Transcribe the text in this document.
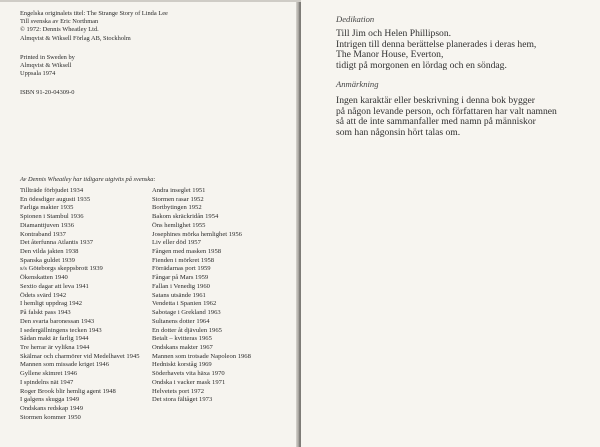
Engelska originalets titel: The Strange Story of Linda Lee
Till svenska av Eric Northman
© 1972: Dennis Wheatley Ltd.
Almqvist & Wiksell Förlag AB, Stockholm
Printed in Sweden by
Almqvist & Wiksell
Uppsala 1974
ISBN 91-20-04309-0
Av Dennis Wheatley har tidigare utgivits på svenska:
Tillträde förbjudet 1934
En ödesdiger augusti 1935
Farliga makter 1935
Spionen i Stambul 1936
Diamanttjuven 1936
Kontraband 1937
Det återfunna Atlantis 1937
Den vilda jakten 1938
Spanska guldet 1939
s/s Göteborgs skeppsbrott 1939
Ökenskatten 1940
Sextio dagar att leva 1941
Ödets svärd 1942
I hemligt uppdrag 1942
På falskt pass 1943
Den svarta baronessan 1943
I sedergällningens tecken 1943
Sådan makt är farlig 1944
Tre herrar är vylikna 1944
Skälmar och charmörer vid Medelhavet 1945
Mannen som missade kriget 1946
Gyllene skimret 1946
I spindelns nät 1947
Roger Brook blir hemlig agent 1948
I galgens skugga 1949
Ondskans redskap 1949
Stormen kommer 1950
Andra inseglet 1951
Stormen rasar 1952
Bortbytingen 1952
Bakom skräckridån 1954
Öns hemlighet 1955
Josephines mörka hemlighet 1956
Liv eller död 1957
Fången med masken 1958
Fienden i mörkret 1958
Förrädarnas port 1959
Fångar på Mars 1959
Fallan i Venedig 1960
Satans utsände 1961
Vendetta i Spanien 1962
Sabotage i Grekland 1963
Sultanens dotter 1964
En dotter åt djävulen 1965
Betalt – kvitteras 1965
Ondskans makter 1967
Mannen som trotsade Napoleon 1968
Hedniskt korståg 1969
Söderhavets vita häxa 1970
Ondska i vacker mask 1971
Helvetets port 1972
Det stora fältåget 1973
Dedikation
Till Jim och Helen Phillipson.
Intrigen till denna berättelse planerades i deras hem,
The Manor House, Everton,
tidigt på morgonen en lördag och en söndag.
Anmärkning
Ingen karaktär eller beskrivning i denna bok bygger
på någon levande person, och författaren har valt namnen
så att de inte sammanfaller med namn på människor
som han någonsin hört talas om.
